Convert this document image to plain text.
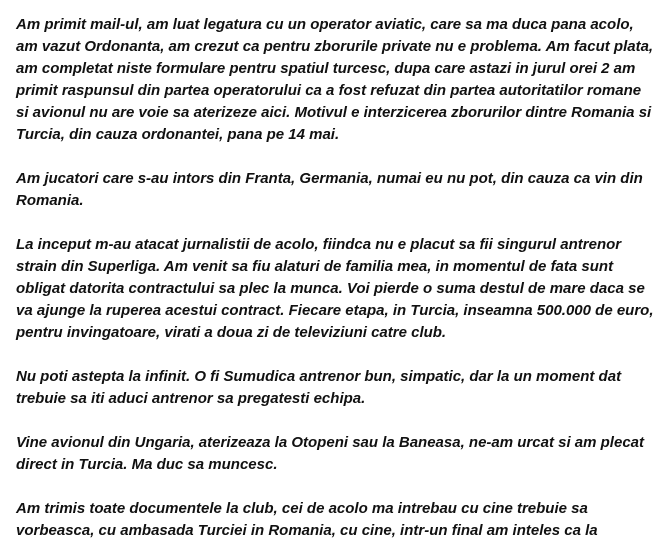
Am primit mail-ul, am luat legatura cu un operator aviatic, care sa ma duca pana acolo,
am vazut Ordonanta, am crezut ca pentru zborurile private nu e problema. Am facut plata,
am completat niste formulare pentru spatiul turcesc, dupa care astazi in jurul orei 2 am
primit raspunsul din partea operatorului ca a fost refuzat din partea autoritatilor romane
si avionul nu are voie sa aterizeze aici. Motivul e interzicerea zborurilor dintre Romania si
Turcia, din cauza ordonantei, pana pe 14 mai.

Am jucatori care s-au intors din Franta, Germania, numai eu nu pot, din cauza ca vin din
Romania.

La inceput m-au atacat jurnalistii de acolo, fiindca nu e placut sa fii singurul antrenor
strain din Superliga. Am venit sa fiu alaturi de familia mea, in momentul de fata sunt
obligat datorita contractului sa plec la munca. Voi pierde o suma destul de mare daca se
va ajunge la ruperea acestui contract. Fiecare etapa, in Turcia, inseamna 500.000 de euro,
pentru invingatoare, virati a doua zi de televiziuni catre club.

Nu poti astepta la infinit. O fi Sumudica antrenor bun, simpatic, dar la un moment dat
trebuie sa iti aduci antrenor sa pregatesti echipa.

Vine avionul din Ungaria, aterizeaza la Otopeni sau la Baneasa, ne-am urcat si am plecat
direct in Turcia. Ma duc sa muncesc.

Am trimis toate documentele la club, cei de acolo ma intrebau cu cine trebuie sa
vorbeasca, cu ambasada Turciei in Romania, cu cine, intr-un final am inteles ca la
